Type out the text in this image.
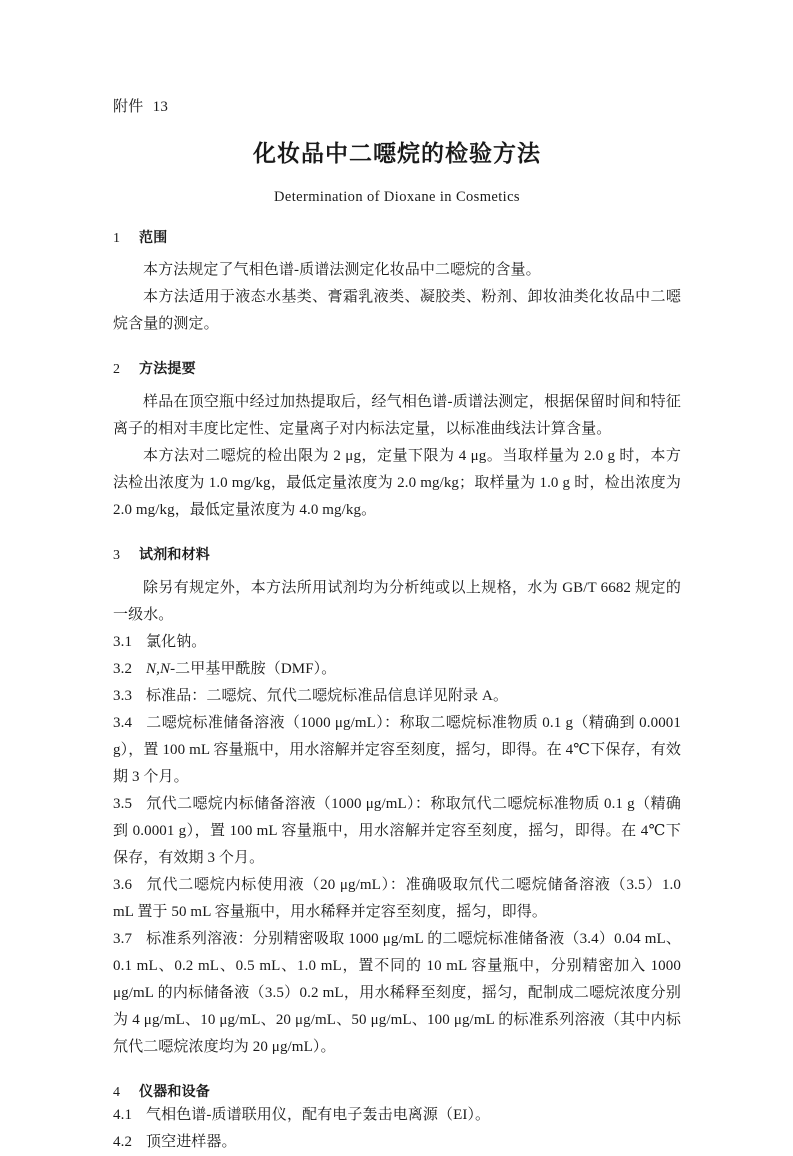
附件 13
化妆品中二噁烷的检验方法
Determination of Dioxane in Cosmetics
1 范围

本方法规定了气相色谱-质谱法测定化妆品中二噁烷的含量。

本方法适用于液态水基类、膏霜乳液类、凝胶类、粉剂、卸妆油类化妆品中二噁烷含量的测定。

2 方法提要

样品在顶空瓶中经过加热提取后，经气相色谱-质谱法测定，根据保留时间和特征离子的相对丰度比定性、定量离子对内标法定量，以标准曲线法计算含量。

本方法对二噁烷的检出限为 2 μg，定量下限为 4 μg。当取样量为 2.0 g 时，本方法检出浓度为 1.0 mg/kg，最低定量浓度为 2.0 mg/kg；取样量为 1.0 g 时，检出浓度为 2.0 mg/kg，最低定量浓度为 4.0 mg/kg。

3 试剂和材料

除另有规定外，本方法所用试剂均为分析纯或以上规格，水为 GB/T 6682 规定的一级水。

3.1 氯化钠。

3.2 N,N-二甲基甲酰胺（DMF）。

3.3 标准品：二噁烷、氘代二噁烷标准品信息详见附录 A。

3.4 二噁烷标准储备溶液（1000 μg/mL）：称取二噁烷标准物质 0.1 g（精确到 0.0001 g），置 100 mL 容量瓶中，用水溶解并定容至刻度，摇匀，即得。在 4℃下保存，有效期 3 个月。

3.5 氘代二噁烷内标储备溶液（1000 μg/mL）：称取氘代二噁烷标准物质 0.1 g（精确到 0.0001 g），置 100 mL 容量瓶中，用水溶解并定容至刻度，摇匀，即得。在 4℃下保存，有效期 3 个月。

3.6 氘代二噁烷内标使用液（20 μg/mL）：准确吸取氘代二噁烷储备溶液（3.5）1.0 mL 置于 50 mL 容量瓶中，用水稀释并定容至刻度，摇匀，即得。

3.7 标准系列溶液：分别精密吸取 1000 μg/mL 的二噁烷标准储备液（3.4）0.04 mL、0.1 mL、0.2 mL、0.5 mL、1.0 mL，置不同的 10 mL 容量瓶中，分别精密加入 1000 μg/mL 的内标储备液（3.5）0.2 mL，用水稀释至刻度，摇匀，配制成二噁烷浓度分别为 4 μg/mL、10 μg/mL、20 μg/mL、50 μg/mL、100 μg/mL 的标准系列溶液（其中内标氘代二噁烷浓度均为 20 μg/mL）。

4 仪器和设备

4.1 气相色谱-质谱联用仪，配有电子轰击电离源（EI）。

4.2 顶空进样器。
